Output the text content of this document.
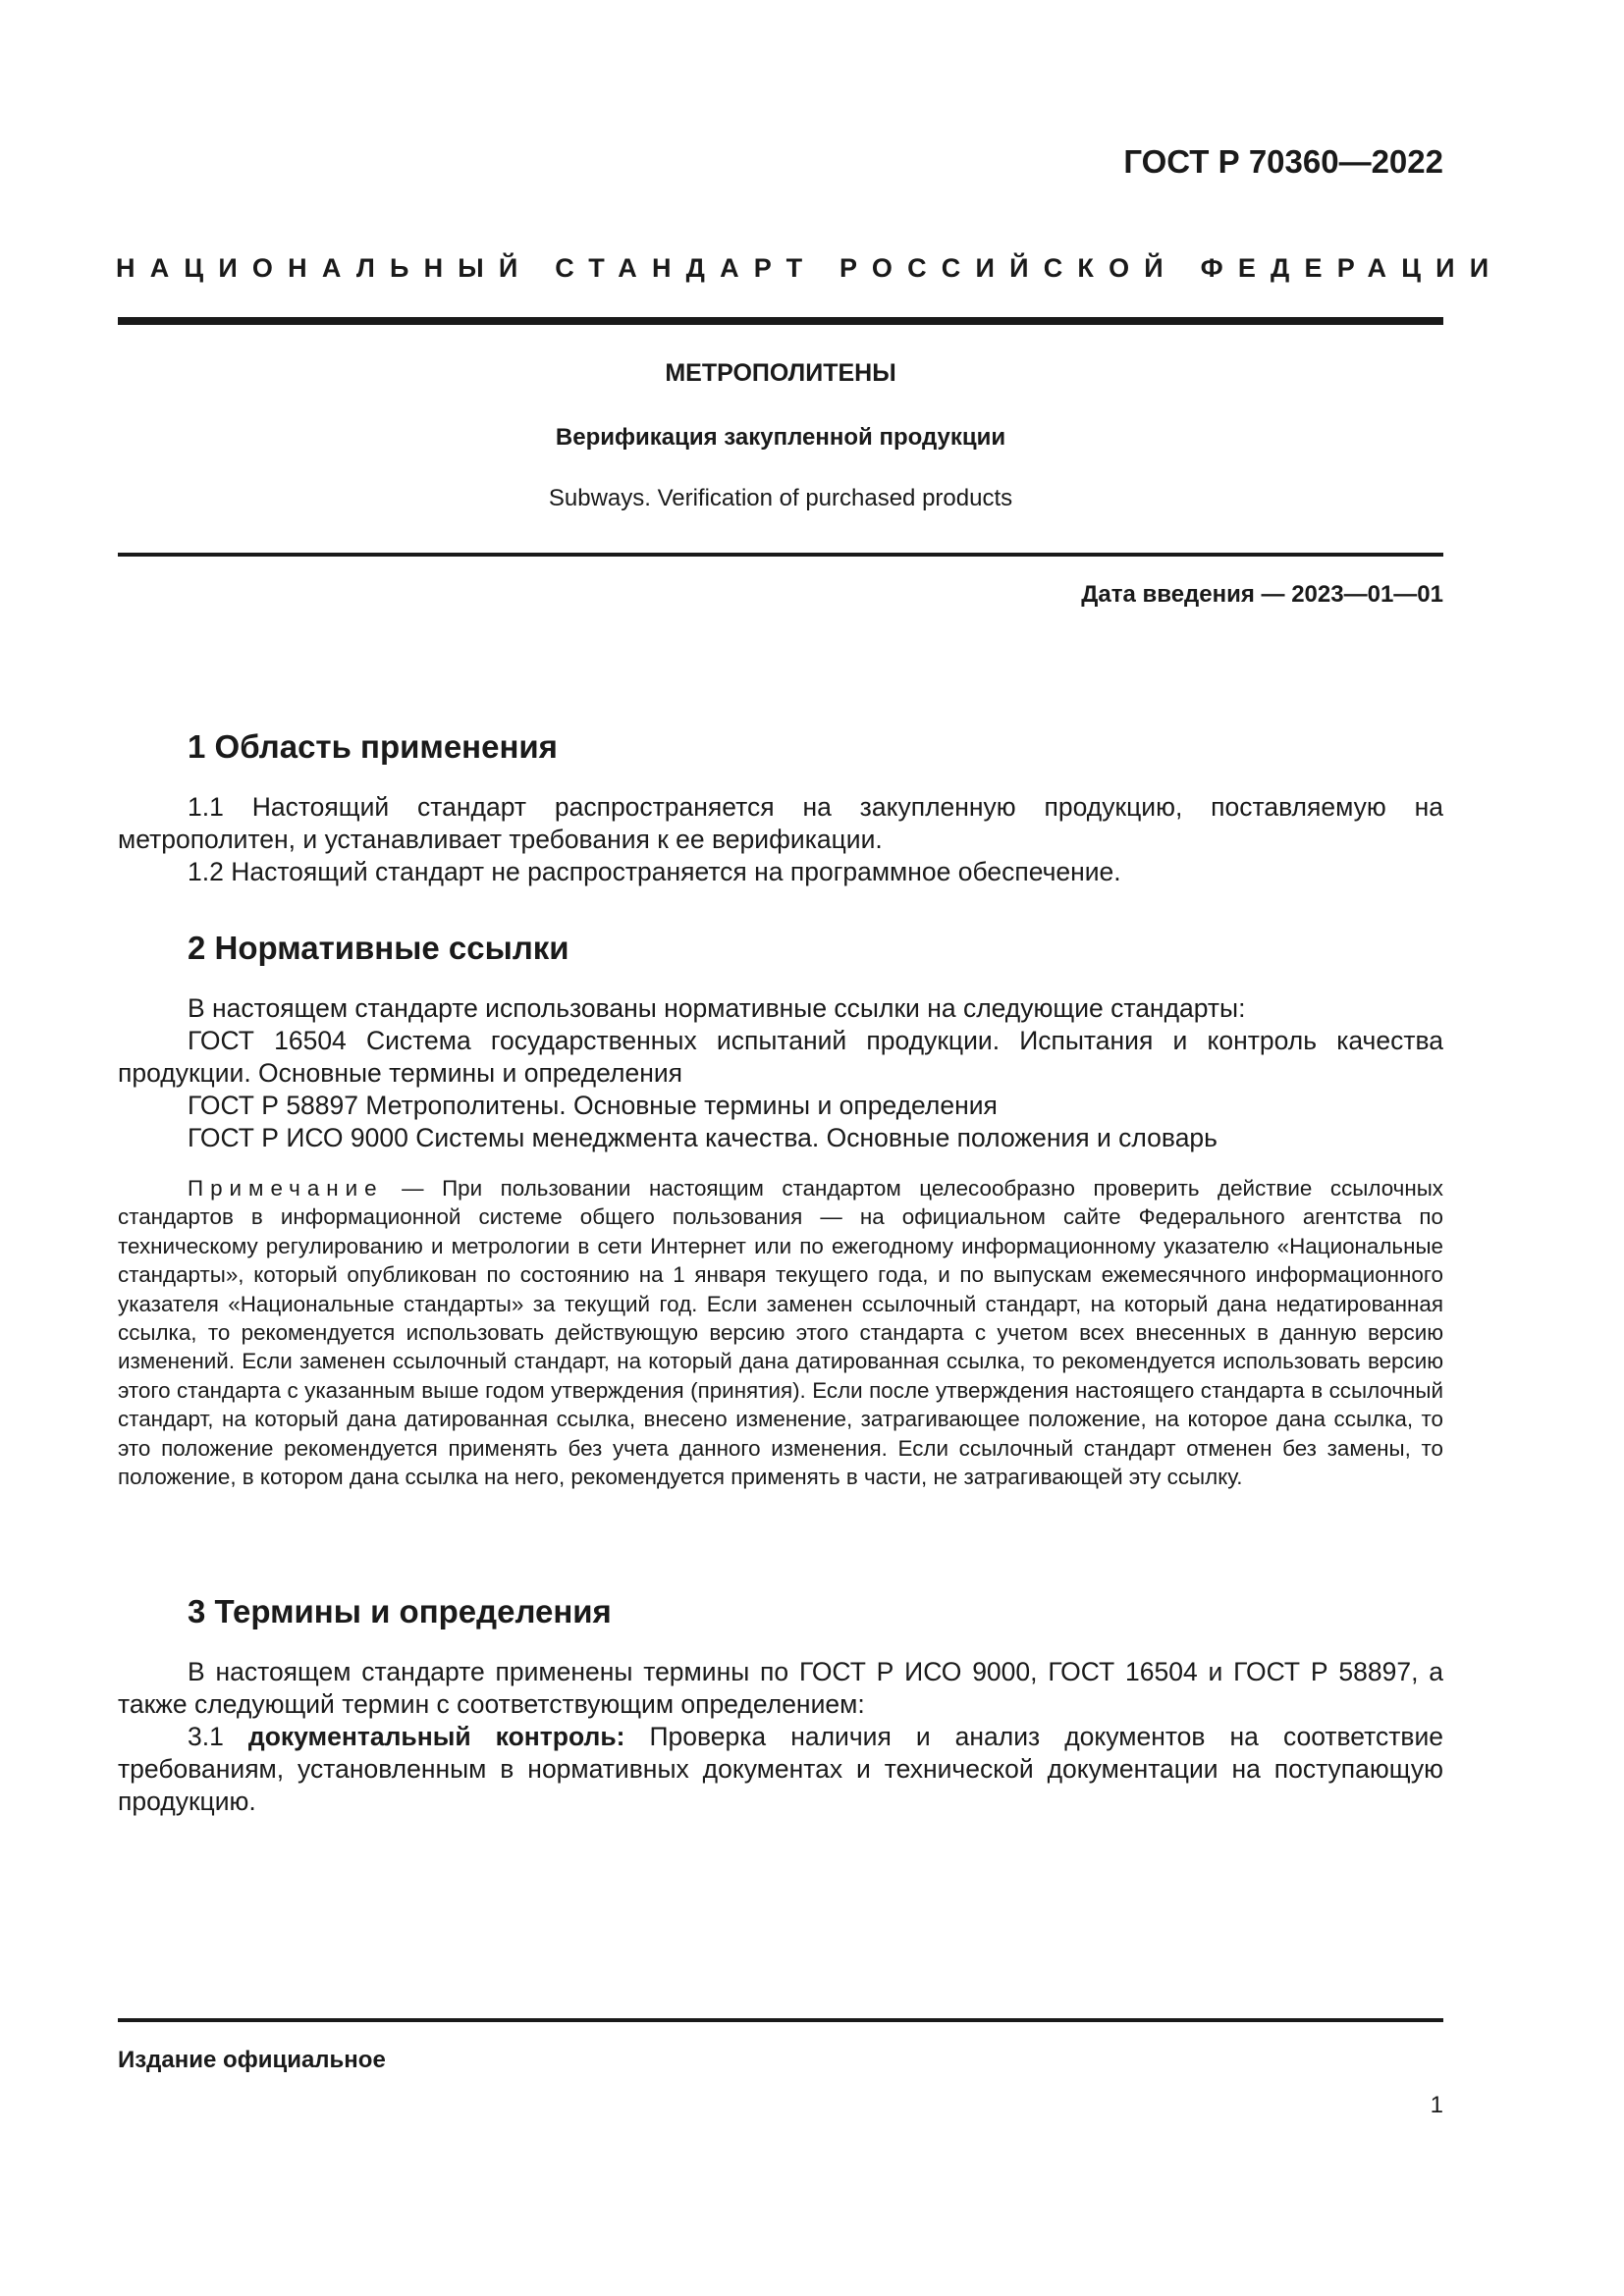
ГОСТ Р 70360—2022
НАЦИОНАЛЬНЫЙ СТАНДАРТ РОССИЙСКОЙ ФЕДЕРАЦИИ
МЕТРОПОЛИТЕНЫ
Верификация закупленной продукции
Subways. Verification of purchased products
Дата введения — 2023—01—01
1 Область применения

1.1 Настоящий стандарт распространяется на закупленную продукцию, поставляемую на метрополитен, и устанавливает требования к ее верификации.

1.2 Настоящий стандарт не распространяется на программное обеспечение.

2 Нормативные ссылки

В настоящем стандарте использованы нормативные ссылки на следующие стандарты:

ГОСТ 16504 Система государственных испытаний продукции. Испытания и контроль качества продукции. Основные термины и определения

ГОСТ Р 58897 Метрополитены. Основные термины и определения

ГОСТ Р ИСО 9000 Системы менеджмента качества. Основные положения и словарь

Примечание — При пользовании настоящим стандартом целесообразно проверить действие ссылочных стандартов в информационной системе общего пользования — на официальном сайте Федерального агентства по техническому регулированию и метрологии в сети Интернет или по ежегодному информационному указателю «Национальные стандарты», который опубликован по состоянию на 1 января текущего года, и по выпускам ежемесячного информационного указателя «Национальные стандарты» за текущий год. Если заменен ссылочный стандарт, на который дана недатированная ссылка, то рекомендуется использовать действующую версию этого стандарта с учетом всех внесенных в данную версию изменений. Если заменен ссылочный стандарт, на который дана датированная ссылка, то рекомендуется использовать версию этого стандарта с указанным выше годом утверждения (принятия). Если после утверждения настоящего стандарта в ссылочный стандарт, на который дана датированная ссылка, внесено изменение, затрагивающее положение, на которое дана ссылка, то это положение рекомендуется применять без учета данного изменения. Если ссылочный стандарт отменен без замены, то положение, в котором дана ссылка на него, рекомендуется применять в части, не затрагивающей эту ссылку.

3 Термины и определения

В настоящем стандарте применены термины по ГОСТ Р ИСО 9000, ГОСТ 16504 и ГОСТ Р 58897, а также следующий термин с соответствующим определением:

3.1 документальный контроль: Проверка наличия и анализ документов на соответствие требованиям, установленным в нормативных документах и технической документации на поступающую продукцию.

Издание официальное
1
